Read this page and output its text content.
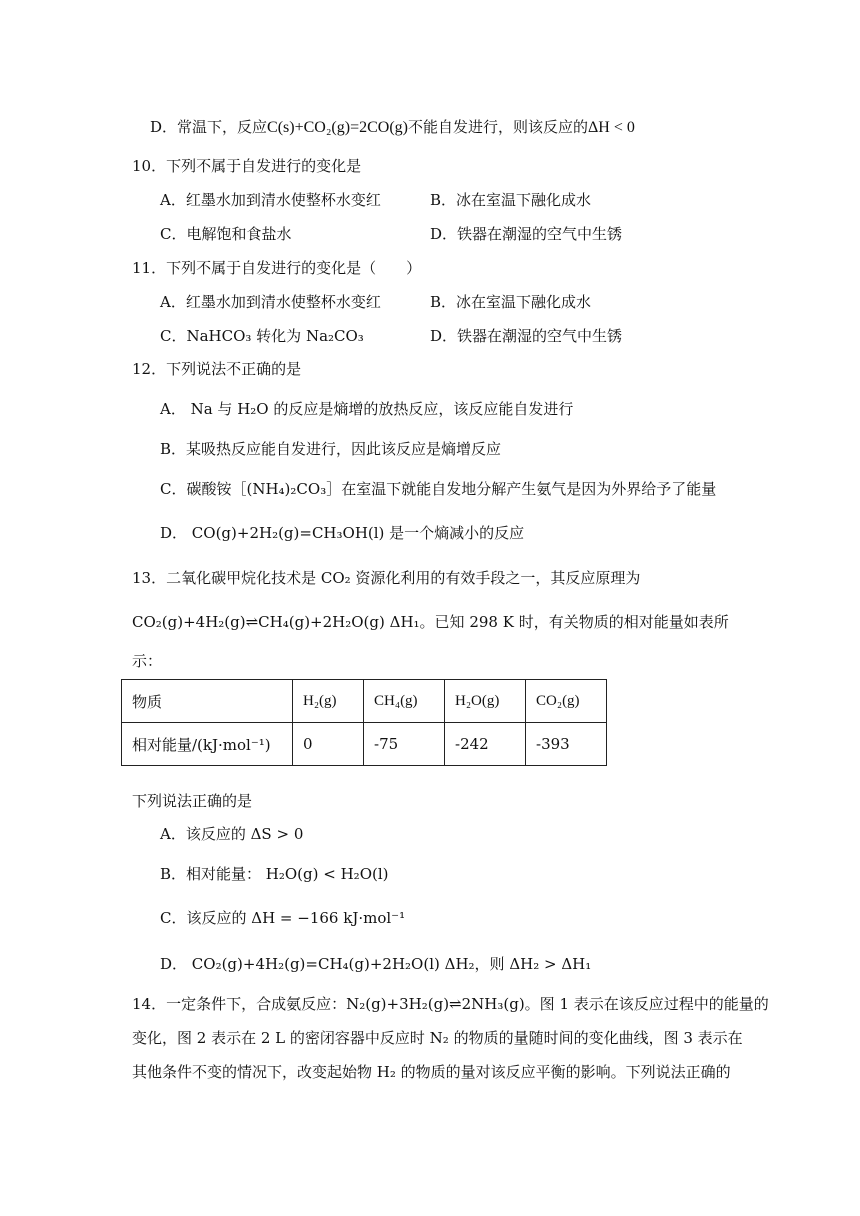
D．常温下，反应C(s)+CO₂(g)=2CO(g)不能自发进行，则该反应的ΔH < 0
10．下列不属于自发进行的变化是
A．红墨水加到清水使整杯水变红	B．冰在室温下融化成水
C．电解饱和食盐水	D．铁器在潮湿的空气中生锈
11．下列不属于自发进行的变化是（　　）
A．红墨水加到清水使整杯水变红	B．冰在室温下融化成水
C．NaHCO₃ 转化为 Na₂CO₃	D．铁器在潮湿的空气中生锈
12．下列说法不正确的是
A． Na 与 H₂O 的反应是熵增的放热反应，该反应能自发进行
B．某吸热反应能自发进行，因此该反应是熵增反应
C．碳酸铵［(NH₄)₂CO₃］在室温下就能自发地分解产生氨气是因为外界给予了能量
D． CO(g)+2H₂(g)=CH₃OH(l) 是一个熵减小的反应
13．二氧化碳甲烷化技术是 CO₂ 资源化利用的有效手段之一，其反应原理为
CO₂(g)+4H₂(g)⇌CH₄(g)+2H₂O(g) ΔH₁。已知 298 K 时，有关物质的相对能量如表所
示：
物质	H₂(g)	CH₄(g)	H₂O(g)	CO₂(g)
相对能量/(kJ·mol⁻¹)	0	-75	-242	-393
下列说法正确的是
A．该反应的 ΔS > 0
B．相对能量： H₂O(g) < H₂O(l)
C．该反应的 ΔH = −166 kJ·mol⁻¹
D． CO₂(g)+4H₂(g)=CH₄(g)+2H₂O(l) ΔH₂，则 ΔH₂ > ΔH₁
14．一定条件下，合成氨反应：N₂(g)+3H₂(g)⇌2NH₃(g)。图 1 表示在该反应过程中的能量的
变化，图 2 表示在 2 L 的密闭容器中反应时 N₂ 的物质的量随时间的变化曲线，图 3 表示在
其他条件不变的情况下，改变起始物 H₂ 的物质的量对该反应平衡的影响。下列说法正确的
